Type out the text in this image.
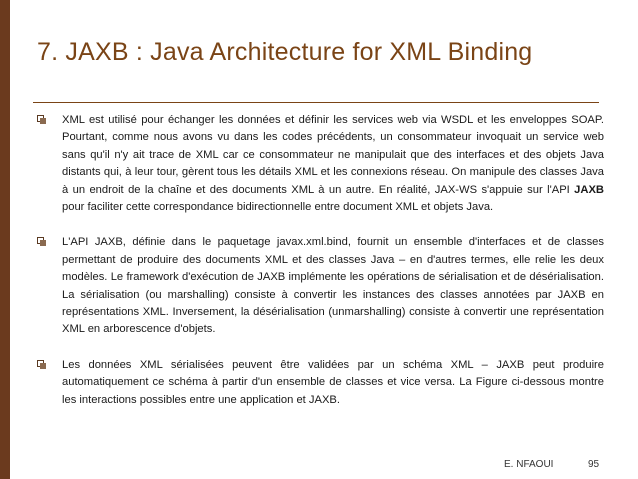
7. JAXB : Java Architecture for XML Binding

XML est utilisé pour échanger les données et définir les services web via WSDL et les enveloppes SOAP. Pourtant, comme nous avons vu dans les codes précédents, un consommateur invoquait un service web sans qu'il n'y ait trace de XML car ce consommateur ne manipulait que des interfaces et des objets Java distants qui, à leur tour, gèrent tous les détails XML et les connexions réseau. On manipule des classes Java à un endroit de la chaîne et des documents XML à un autre. En réalité, JAX-WS s'appuie sur l'API JAXB pour faciliter cette correspondance bidirectionnelle entre document XML et objets Java.

L'API JAXB, définie dans le paquetage javax.xml.bind, fournit un ensemble d'interfaces et de classes permettant de produire des documents XML et des classes Java – en d'autres termes, elle relie les deux modèles. Le framework d'exécution de JAXB implémente les opérations de sérialisation et de désérialisation. La sérialisation (ou marshalling) consiste à convertir les instances des classes annotées par JAXB en représentations XML. Inversement, la désérialisation (unmarshalling) consiste à convertir une représentation XML en arborescence d'objets.

Les données XML sérialisées peuvent être validées par un schéma XML – JAXB peut produire automatiquement ce schéma à partir d'un ensemble de classes et vice versa. La Figure ci-dessous montre les interactions possibles entre une application et JAXB.

E. NFAOUI	95
